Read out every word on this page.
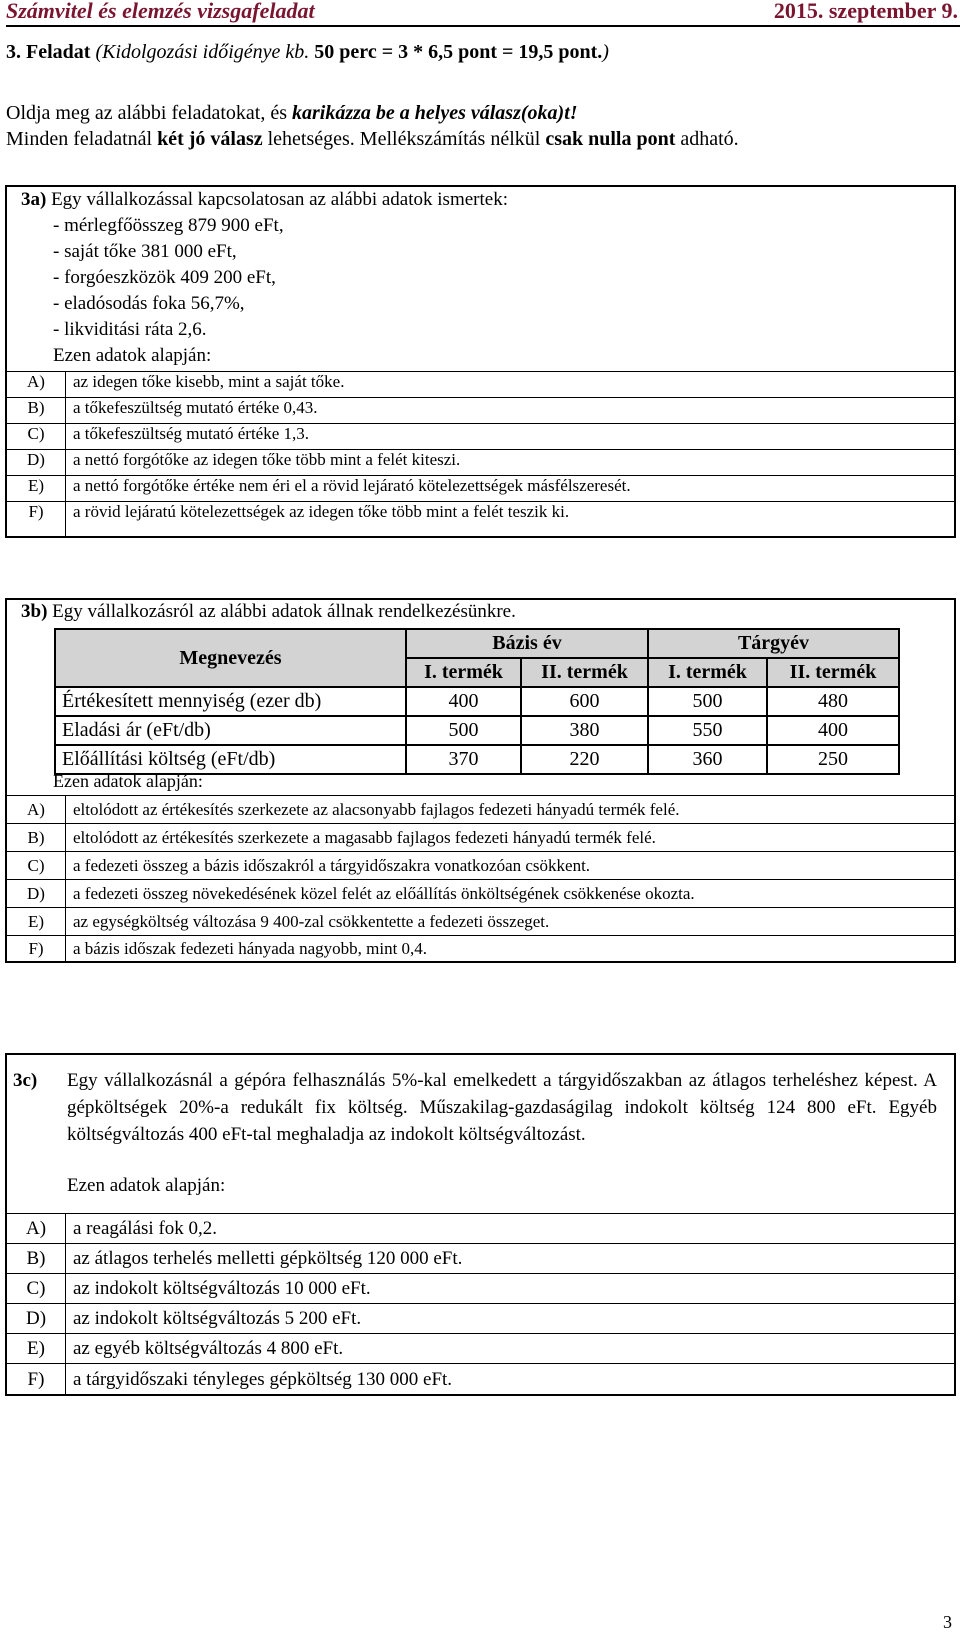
Számvitel és elemzés vizsgafeladat	2015. szeptember 9.
3. Feladat (Kidolgozási időigénye kb. 50 perc = 3 * 6,5 pont = 19,5 pont.)
Oldja meg az alábbi feladatokat, és karikázza be a helyes válasz(oka)t!
Minden feladatnál két jó válasz lehetséges. Mellékszámítás nélkül csak nulla pont adható.
3a) Egy vállalkozással kapcsolatosan az alábbi adatok ismertek:
- mérlegfőösszeg 879 900 eFt,
- saját tőke 381 000 eFt,
- forgóeszközök 409 200 eFt,
- eladósodás foka 56,7%,
- likviditási ráta 2,6.
Ezen adatok alapján:
A)	az idegen tőke kisebb, mint a saját tőke.
B)	a tőkefeszültség mutató értéke 0,43.
C)	a tőkefeszültség mutató értéke 1,3.
D)	a nettó forgótőke az idegen tőke több mint a felét kiteszi.
E)	a nettó forgótőke értéke nem éri el a rövid lejárató kötelezettségek másfélszeresét.
F)	a rövid lejáratú kötelezettségek az idegen tőke több mint a felét teszik ki.
3b) Egy vállalkozásról az alábbi adatok állnak rendelkezésünkre.
Megnevezés	Bázis év		Tárgyév	
	I. termék	II. termék	I. termék	II. termék
Értékesített mennyiség (ezer db)	400	600	500	480
Eladási ár (eFt/db)	500	380	550	400
Előállítási költség (eFt/db)	370	220	360	250
Ezen adatok alapján:
A)	eltolódott az értékesítés szerkezete az alacsonyabb fajlagos fedezeti hányadú termék felé.
B)	eltolódott az értékesítés szerkezete a magasabb fajlagos fedezeti hányadú termék felé.
C)	a fedezeti összeg a bázis időszakról a tárgyidőszakra vonatkozóan csökkent.
D)	a fedezeti összeg növekedésének közel felét az előállítás önköltségének csökkenése okozta.
E)	az egységköltség változása 9 400-zal csökkentette a fedezeti összeget.
F)	a bázis időszak fedezeti hányada nagyobb, mint 0,4.
3c) Egy vállalkozásnál a gépóra felhasználás 5%-kal emelkedett a tárgyidőszakban az átlagos terheléshez képest. A gépköltségek 20%-a redukált fix költség. Műszakilag-gazdaságilag indokolt költség 124 800 eFt. Egyéb költségváltozás 400 eFt-tal meghaladja az indokolt költségváltozást.
Ezen adatok alapján:
A)	a reagálási fok 0,2.
B)	az átlagos terhelés melletti gépköltség 120 000 eFt.
C)	az indokolt költségváltozás 10 000 eFt.
D)	az indokolt költségváltozás 5 200 eFt.
E)	az egyéb költségváltozás 4 800 eFt.
F)	a tárgyidőszaki tényleges gépköltség 130 000 eFt.
3
